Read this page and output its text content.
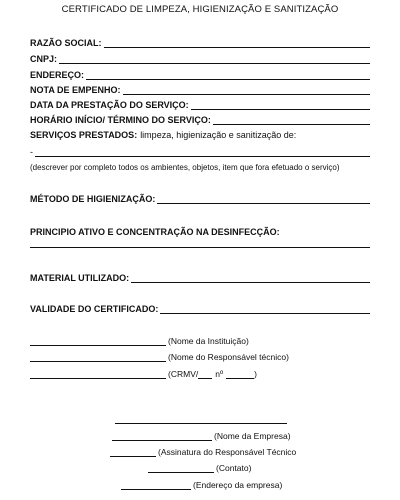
CERTIFICADO DE LIMPEZA, HIGIENIZAÇÃO E SANITIZAÇÃO
RAZÃO SOCIAL:
CNPJ:
ENDEREÇO:
NOTA DE EMPENHO:
DATA DA PRESTAÇÃO DO SERVIÇO:
HORÁRIO INÍCIO/ TÉRMINO DO SERVIÇO:
SERVIÇOS PRESTADOS: limpeza, higienização e sanitização de:
-
(descrever por completo todos os ambientes, objetos, item que fora efetuado o serviço)
MÉTODO DE HIGIENIZAÇÃO:
PRINCIPIO ATIVO E CONCENTRAÇÃO NA DESINFECÇÃO:
MATERIAL UTILIZADO:
VALIDADE DO CERTIFICADO:
(Nome da Instituição)
(Nome do Responsável técnico)
(CRMV/ nº	)
(Nome da Empresa)
(Assinatura do Responsável Técnico
(Contato)
(Endereço da empresa)
